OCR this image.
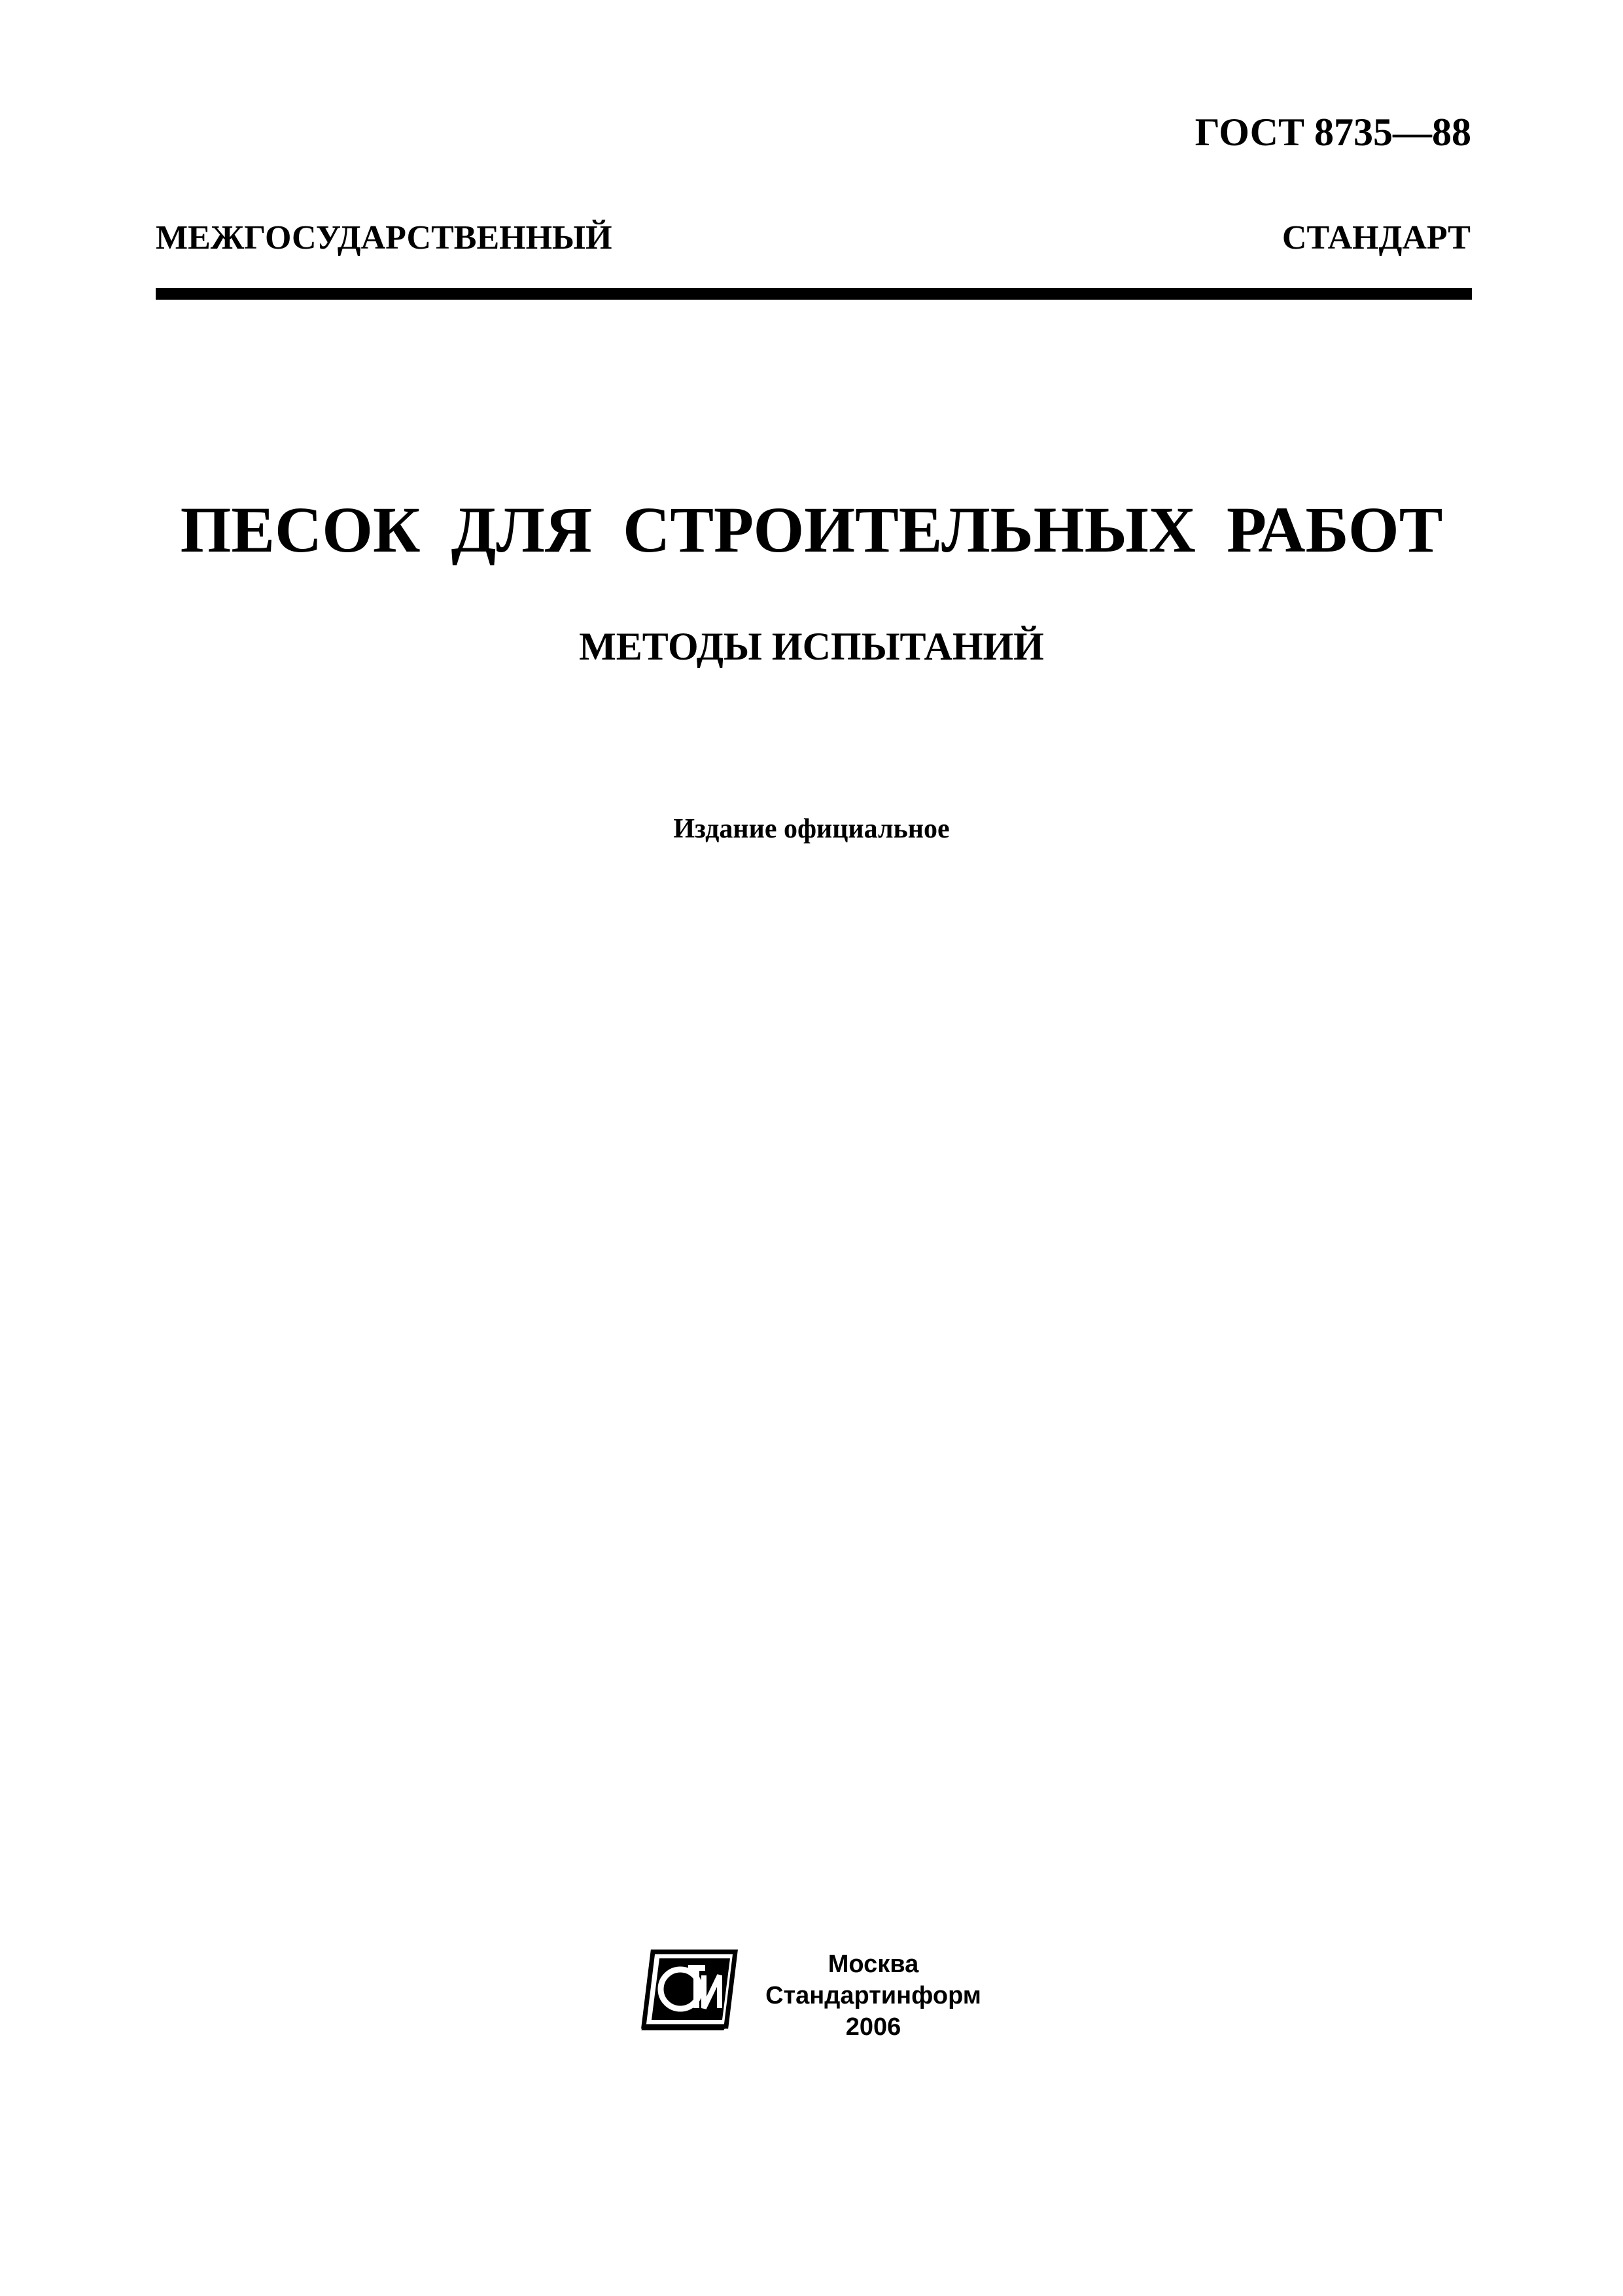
ГОСТ 8735—88
МЕЖГОСУДАРСТВЕННЫЙ СТАНДАРТ
ПЕСОК ДЛЯ СТРОИТЕЛЬНЫХ РАБОТ
МЕТОДЫ ИСПЫТАНИЙ
Издание официальное
Москва
Стандартинформ
2006
